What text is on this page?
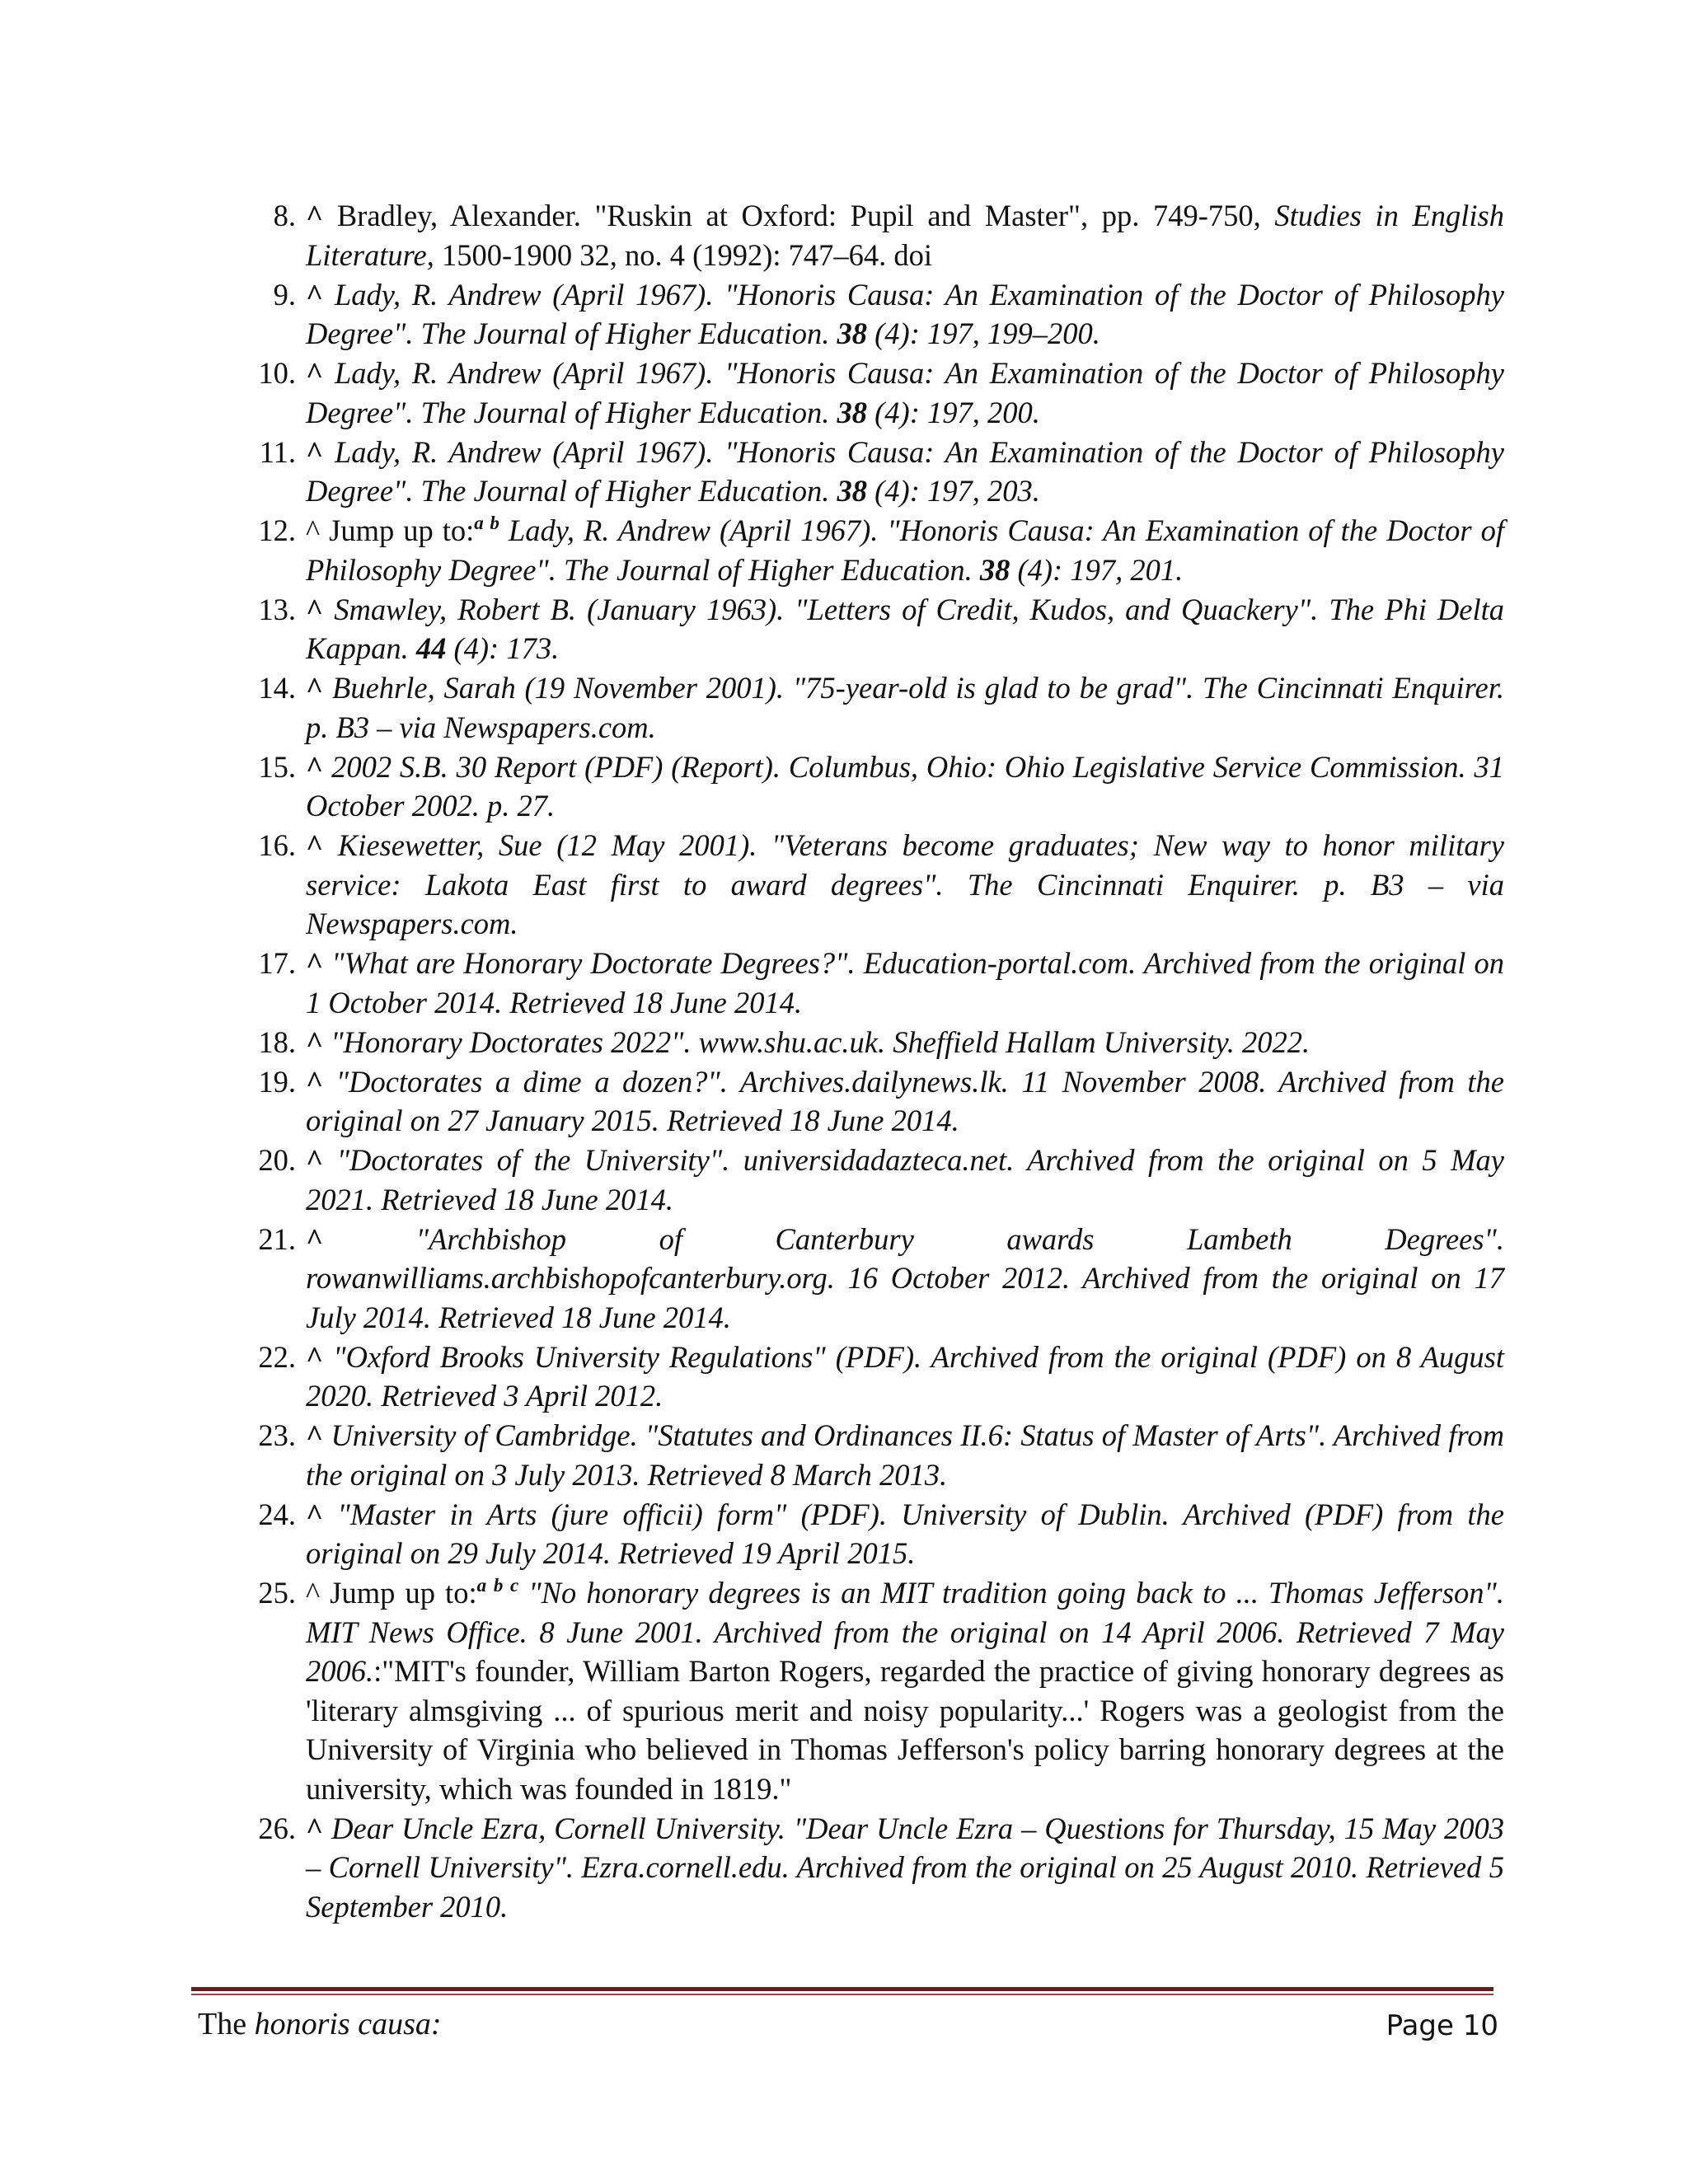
8. ^ Bradley, Alexander. "Ruskin at Oxford: Pupil and Master", pp. 749-750, Studies in English Literature, 1500-1900 32, no. 4 (1992): 747–64. doi
9. ^ Lady, R. Andrew (April 1967). "Honoris Causa: An Examination of the Doctor of Philosophy Degree". The Journal of Higher Education. 38 (4): 197, 199–200.
10. ^ Lady, R. Andrew (April 1967). "Honoris Causa: An Examination of the Doctor of Philosophy Degree". The Journal of Higher Education. 38 (4): 197, 200.
11. ^ Lady, R. Andrew (April 1967). "Honoris Causa: An Examination of the Doctor of Philosophy Degree". The Journal of Higher Education. 38 (4): 197, 203.
12. ^ Jump up to:$^{a b}$ Lady, R. Andrew (April 1967). "Honoris Causa: An Examination of the Doctor of Philosophy Degree". The Journal of Higher Education. 38 (4): 197, 201.
13. ^ Smawley, Robert B. (January 1963). "Letters of Credit, Kudos, and Quackery". The Phi Delta Kappan. 44 (4): 173.
14. ^ Buehrle, Sarah (19 November 2001). "75-year-old is glad to be grad". The Cincinnati Enquirer. p. B3 – via Newspapers.com.
15. ^ 2002 S.B. 30 Report (PDF) (Report). Columbus, Ohio: Ohio Legislative Service Commission. 31 October 2002. p. 27.
16. ^ Kiesewetter, Sue (12 May 2001). "Veterans become graduates; New way to honor military service: Lakota East first to award degrees". The Cincinnati Enquirer. p. B3 – via Newspapers.com.
17. ^ "What are Honorary Doctorate Degrees?". Education-portal.com. Archived from the original on 1 October 2014. Retrieved 18 June 2014.
18. ^ "Honorary Doctorates 2022". www.shu.ac.uk. Sheffield Hallam University. 2022.
19. ^ "Doctorates a dime a dozen?". Archives.dailynews.lk. 11 November 2008. Archived from the original on 27 January 2015. Retrieved 18 June 2014.
20. ^ "Doctorates of the University". universidadazteca.net. Archived from the original on 5 May 2021. Retrieved 18 June 2014.
21. ^	"Archbishop of Canterbury awards Lambeth Degrees". rowanwilliams.archbishopofcanterbury.org. 16 October 2012. Archived from the original on 17 July 2014. Retrieved 18 June 2014.
22. ^ "Oxford Brooks University Regulations" (PDF). Archived from the original (PDF) on 8 August 2020. Retrieved 3 April 2012.
23. ^ University of Cambridge. "Statutes and Ordinances II.6: Status of Master of Arts". Archived from the original on 3 July 2013. Retrieved 8 March 2013.
24. ^ "Master in Arts (jure officii) form" (PDF). University of Dublin. Archived (PDF) from the original on 29 July 2014. Retrieved 19 April 2015.
25. ^ Jump up to:$^{a b c}$ "No honorary degrees is an MIT tradition going back to ... Thomas Jefferson". MIT News Office. 8 June 2001. Archived from the original on 14 April 2006. Retrieved 7 May 2006.:"MIT's founder, William Barton Rogers, regarded the practice of giving honorary degrees as 'literary almsgiving ... of spurious merit and noisy popularity...' Rogers was a geologist from the University of Virginia who believed in Thomas Jefferson's policy barring honorary degrees at the university, which was founded in 1819."
26. ^ Dear Uncle Ezra, Cornell University. "Dear Uncle Ezra – Questions for Thursday, 15 May 2003 – Cornell University". Ezra.cornell.edu. Archived from the original on 25 August 2010. Retrieved 5 September 2010.
The honoris causa:	Page 10
